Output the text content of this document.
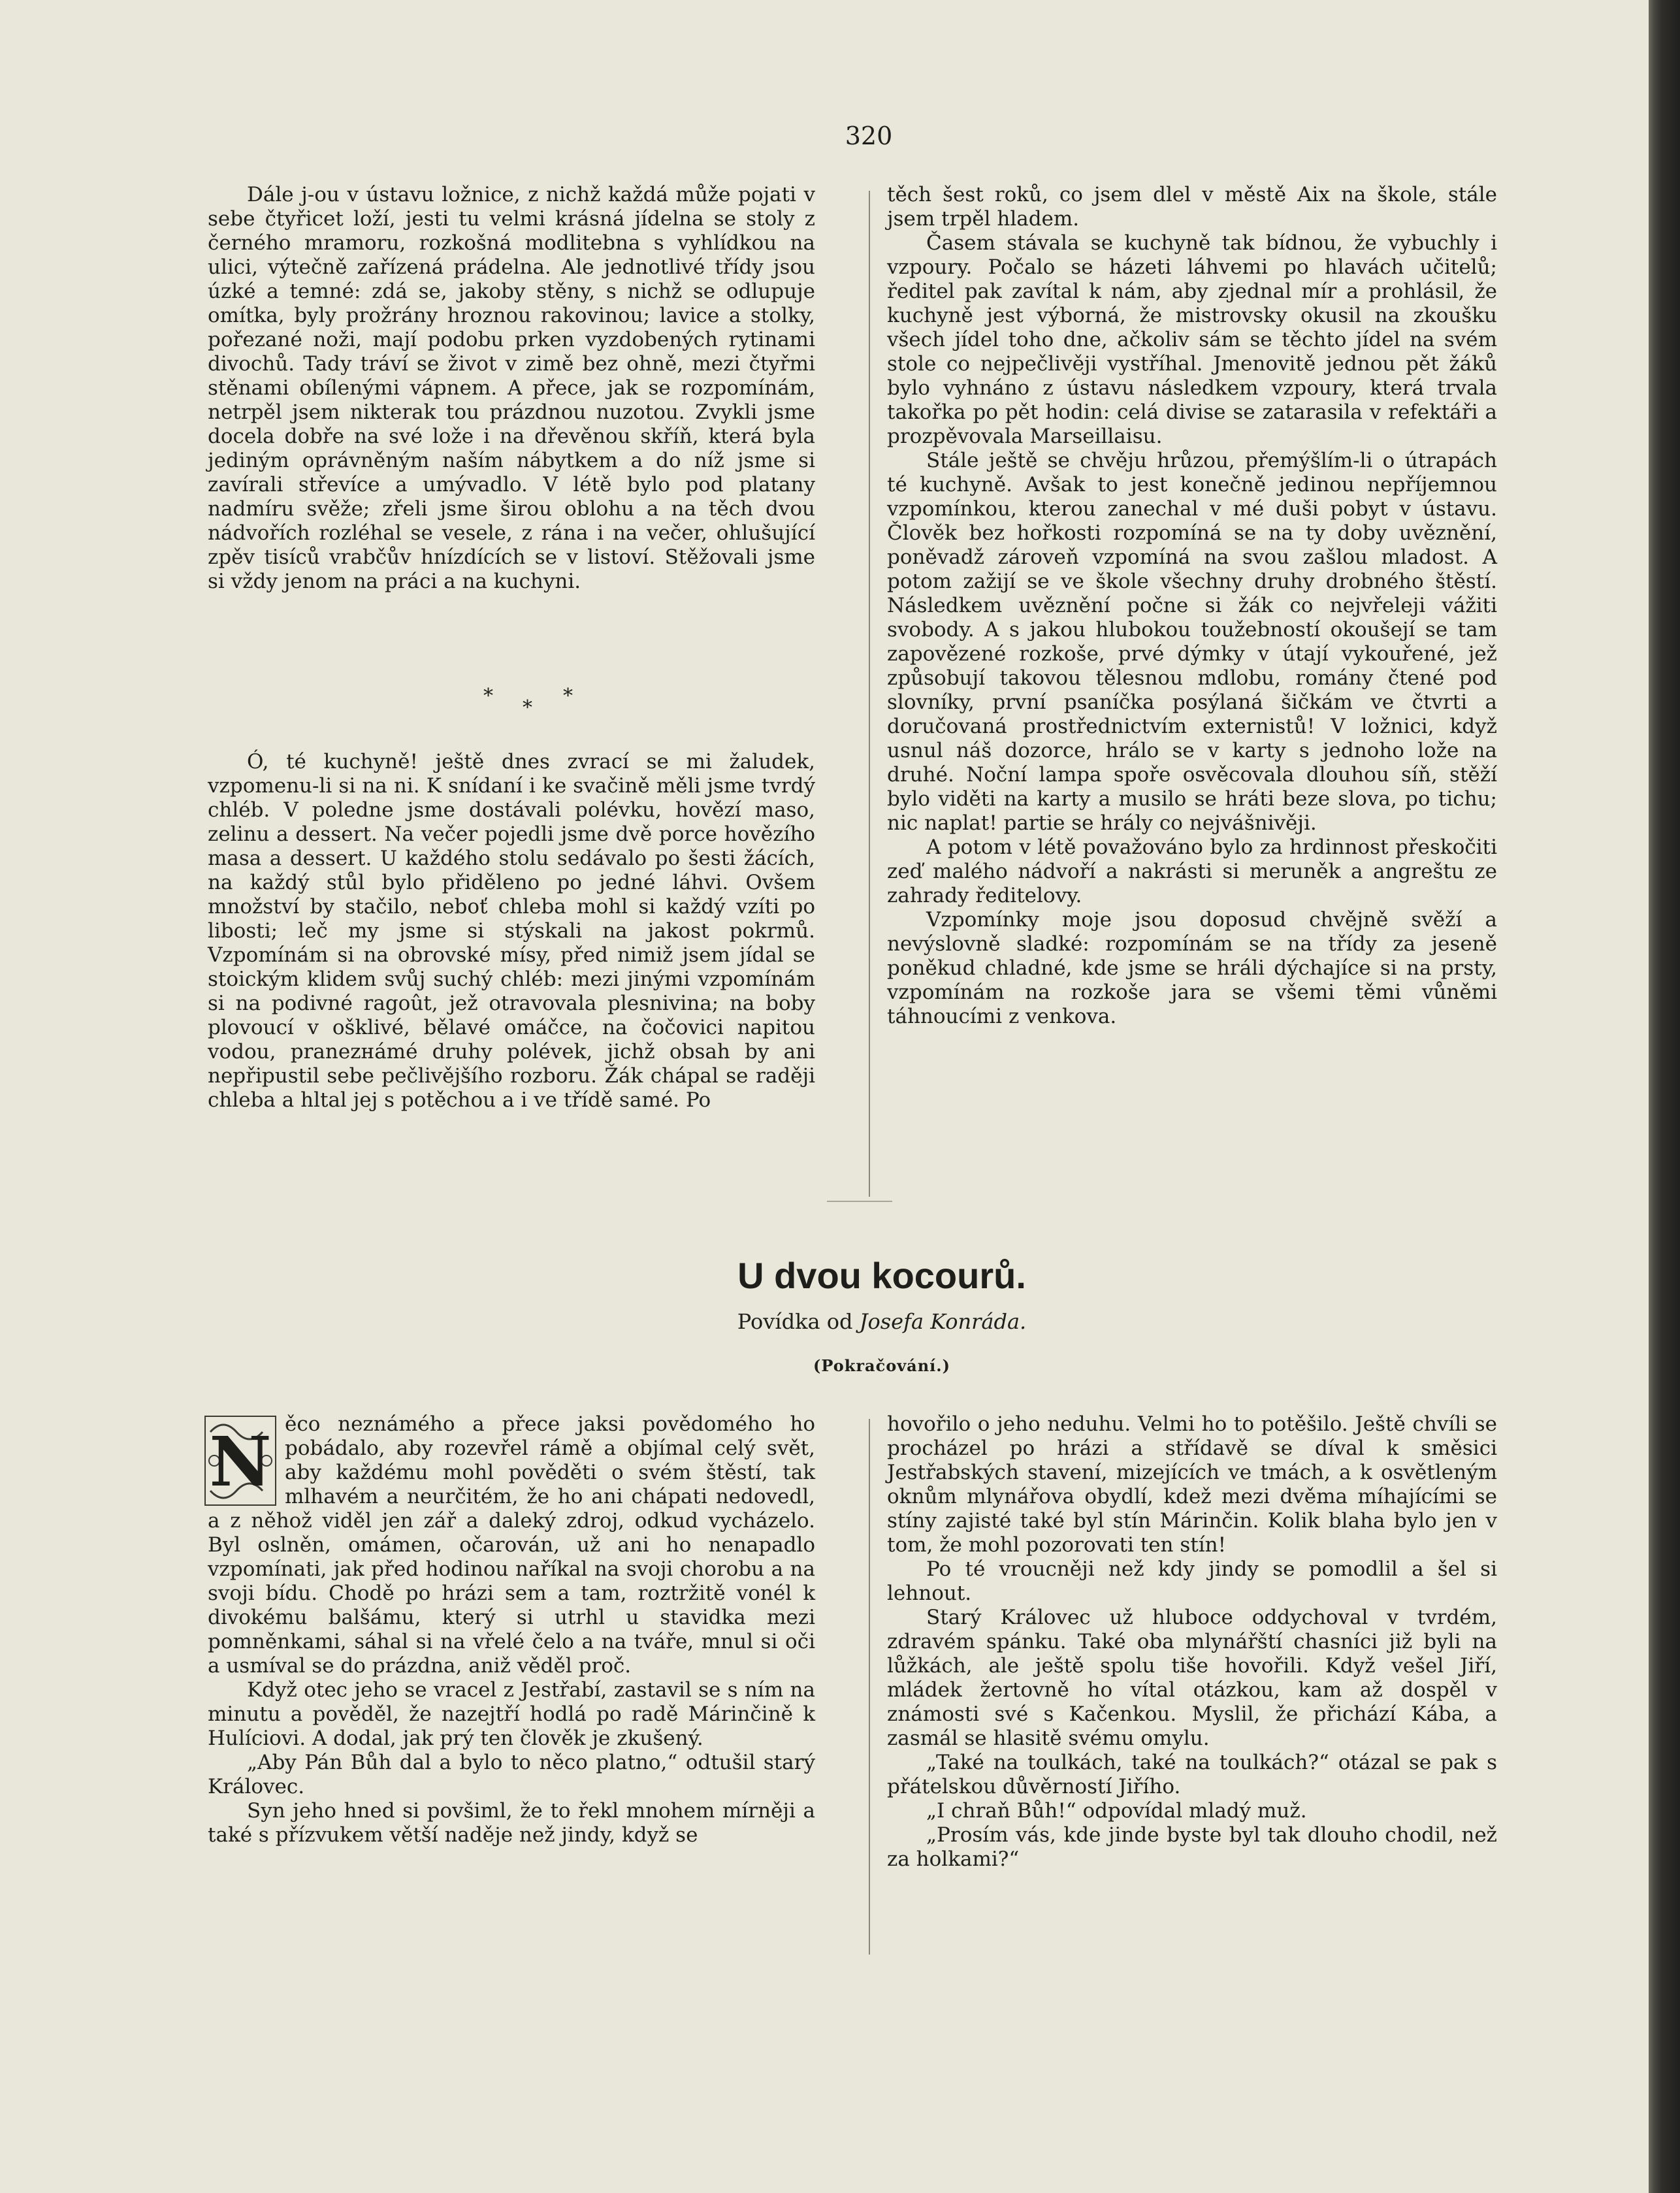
320

Dále j-ou v ústavu ložnice, z nichž každá může pojati v sebe čtyřicet loží, jesti tu velmi krásná jídelna se stoly z černého mramoru, rozkošná modlitebna s vyhlídkou na ulici, výtečně zařízená prádelna. Ale jednotlivé třídy jsou úzké a temné: zdá se, jakoby stěny, s nichž se odlupuje omítka, byly prožrány hroznou rakovinou; lavice a stolky, pořezané noži, mají podobu prken vyzdobených rytinami divochů. Tady tráví se život v zimě bez ohně, mezi čtyřmi stěnami obílenými vápnem. A přece, jak se rozpomínám, netrpěl jsem nikterak tou prázdnou nuzotou. Zvykli jsme docela dobře na své lože i na dřevěnou skříň, která byla jediným oprávněným naším nábytkem a do níž jsme si zavírali střevíce a umývadlo. V létě bylo pod platany nadmíru svěže; zřeli jsme širou oblohu a na těch dvou nádvořích rozléhal se vesele, z rána i na večer, ohlušující zpěv tisíců vrabčův hnízdících se v listoví. Stěžovali jsme si vždy jenom na práci a na kuchyni.

*
*
*

Ó, té kuchyně! ještě dnes zvrací se mi žaludek, vzpomenu-li si na ni. K snídaní i ke svačině měli jsme tvrdý chléb. V poledne jsme dostávali polévku, hovězí maso, zelinu a dessert. Na večer pojedli jsme dvě porce hovězího masa a dessert. U každého stolu sedávalo po šesti žácích, na každý stůl bylo přiděleno po jedné láhvi. Ovšem množství by stačilo, neboť chleba mohl si každý vzíti po libosti; leč my jsme si stýskali na jakost pokrmů. Vzpomínám si na obrovské mísy, před nimiž jsem jídal se stoickým klidem svůj suchý chléb: mezi jinými vzpomínám si na podivné ragoût, jež otravovala plesnivina; na boby plovoucí v ošklivé, bělavé omáčce, na čočovici napitou vodou, pranezнámé druhy polévek, jichž obsah by ani nepřipustil sebe pečlivějšího rozboru. Žák chápal se raději chleba a hltal jej s potěchou a i ve třídě samé. Po

těch šest roků, co jsem dlel v městě Aix na škole, stále jsem trpěl hladem.

Časem stávala se kuchyně tak bídnou, že vybuchly i vzpoury. Počalo se házeti láhvemi po hlavách učitelů; ředitel pak zavítal k nám, aby zjednal mír a prohlásil, že kuchyně jest výborná, že mistrovsky okusil na zkoušku všech jídel toho dne, ačkoliv sám se těchto jídel na svém stole co nejpečlivěji vystříhal. Jmenovitě jednou pět žáků bylo vyhnáno z ústavu následkem vzpoury, která trvala takořka po pět hodin: celá divise se zatarasila v refektáři a prozpěvovala Marseillaisu.

Stále ještě se chvěju hrůzou, přemýšlím-li o útrapách té kuchyně. Avšak to jest konečně jedinou nepříjemnou vzpomínkou, kterou zanechal v mé duši pobyt v ústavu. Člověk bez hořkosti rozpomíná se na ty doby uvěznění, poněvadž zároveň vzpomíná na svou zašlou mladost. A potom zažijí se ve škole všechny druhy drobného štěstí. Následkem uvěznění počne si žák co nejvřeleji vážiti svobody. A s jakou hlubokou toužebností okoušejí se tam zapovězené rozkoše, prvé dýmky v útají vykouřené, jež způsobují takovou tělesnou mdlobu, romány čtené pod slovníky, první psaníčka posýlaná šičkám ve čtvrti a doručovaná prostřednictvím externistů! V ložnici, když usnul náš dozorce, hrálo se v karty s jednoho lože na druhé. Noční lampa spoře osvěcovala dlouhou síň, stěží bylo viděti na karty a musilo se hráti beze slova, po tichu; nic naplat! partie se hrály co nejvášnivěji.

A potom v létě považováno bylo za hrdinnost přeskočiti zeď malého nádvoří a nakrásti si meruněk a angreštu ze zahrady ředitelovy.

Vzpomínky moje jsou doposud chvějně svěží a nevýslovně sladké: rozpomínám se na třídy za jeseně poněkud chladné, kde jsme se hráli dýchajíce si na prsty, vzpomínám na rozkoše jara se všemi těmi vůněmi táhnoucími z venkova.

U dvou kocourů.
Povídka od Josefa Konráda.
(Pokračování.)
N ěco neznámého a přece jaksi povědomého ho pobádalo, aby rozevřel rámě a objímal celý svět, aby každému mohl pověděti o svém štěstí, tak mlhavém a neurčitém, že ho ani chápati nedovedl, a z něhož viděl jen zář a daleký zdroj, odkud vycházelo. Byl oslněn, omámen, očarován, už ani ho nenapadlo vzpomínati, jak před hodinou naříkal na svoji chorobu a na svoji bídu. Chodě po hrázi sem a tam, roztržitě vonél k divokému balšámu, který si utrhl u stavidka mezi pomněnkami, sáhal si na vřelé čelo a na tváře, mnul si oči a usmíval se do prázdna, aniž věděl proč.

Když otec jeho se vracel z Jestřabí, zastavil se s ním na minutu a pověděl, že nazejtří hodlá po radě Márinčině k Hulíciovi. A dodal, jak prý ten člověk je zkušený.

„Aby Pán Bůh dal a bylo to něco platno,“ odtušil starý Královec.

Syn jeho hned si povšiml, že to řekl mnohem mírněji a také s přízvukem větší naděje než jindy, když se

hovořilo o jeho neduhu. Velmi ho to potěšilo. Ještě chvíli se procházel po hrázi a střídavě se díval k směsici Jestřabských stavení, mizejících ve tmách, a k osvětleným oknům mlynářova obydlí, kdež mezi dvěma míhajícími se stíny zajisté také byl stín Márinčin. Kolik blaha bylo jen v tom, že mohl pozorovati ten stín!

Po té vroucněji než kdy jindy se pomodlil a šel si lehnout.

Starý Královec už hluboce oddychoval v tvrdém, zdravém spánku. Také oba mlynářští chasníci již byli na lůžkách, ale ještě spolu tiše hovořili. Když vešel Jiří, mládek žertovně ho vítal otázkou, kam až dospěl v známosti své s Kačenkou. Myslil, že přichází Kába, a zasmál se hlasitě svému omylu.

„Také na toulkách, také na toulkách?“ otázal se pak s přátelskou důvěrností Jiřího.

„I chraň Bůh!“ odpovídal mladý muž.

„Prosím vás, kde jinde byste byl tak dlouho chodil, než za holkami?“
